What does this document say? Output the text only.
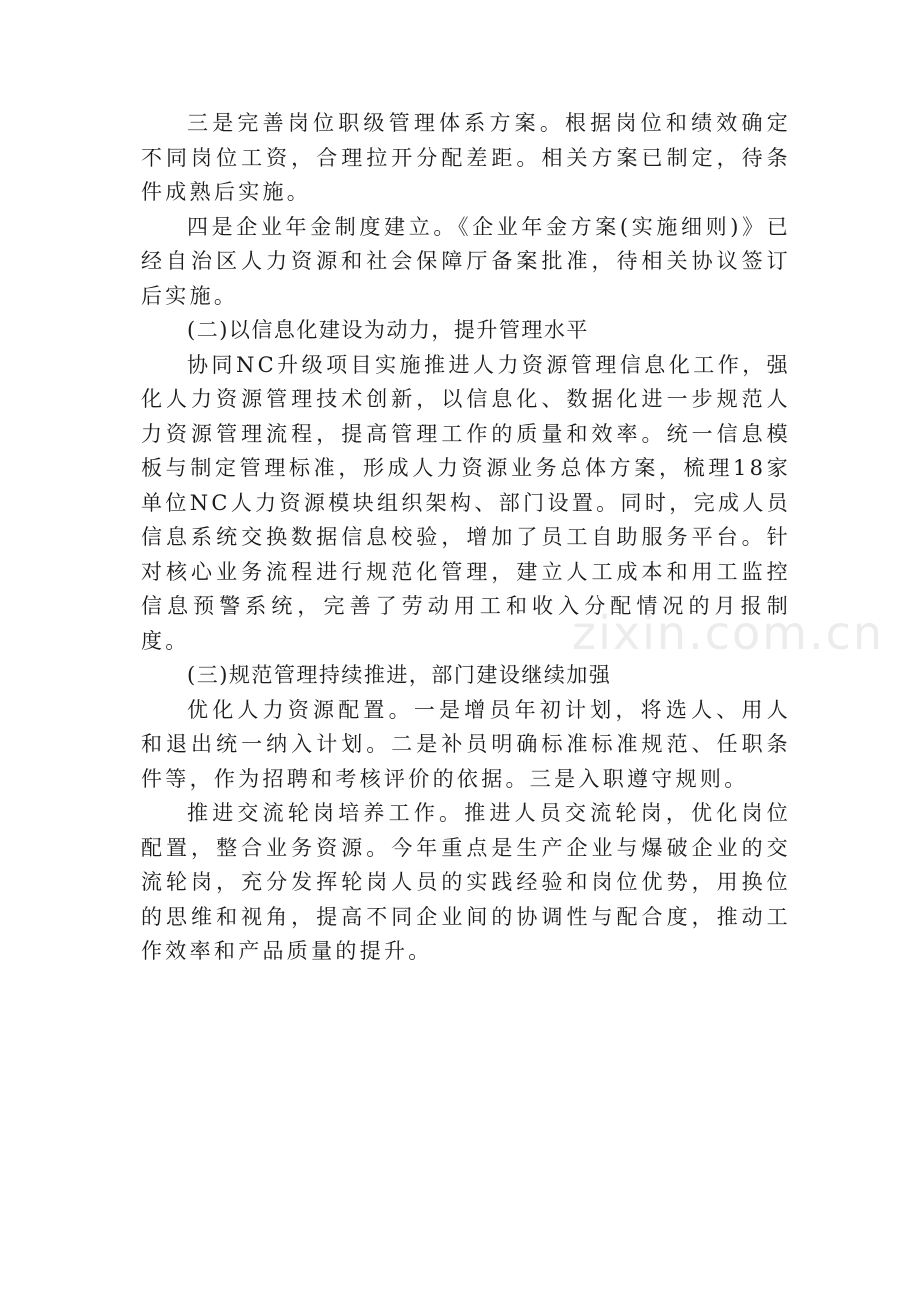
三是完善岗位职级管理体系方案。根据岗位和绩效确定不同岗位工资，合理拉开分配差距。相关方案已制定，待条件成熟后实施。

四是企业年金制度建立。《企业年金方案(实施细则)》已经自治区人力资源和社会保障厅备案批准，待相关协议签订后实施。

(二)以信息化建设为动力，提升管理水平

协同NC升级项目实施推进人力资源管理信息化工作，强化人力资源管理技术创新，以信息化、数据化进一步规范人力资源管理流程，提高管理工作的质量和效率。统一信息模板与制定管理标准，形成人力资源业务总体方案，梳理18家单位NC人力资源模块组织架构、部门设置。同时，完成人员信息系统交换数据信息校验，增加了员工自助服务平台。针对核心业务流程进行规范化管理，建立人工成本和用工监控信息预警系统，完善了劳动用工和收入分配情况的月报制度。

(三)规范管理持续推进，部门建设继续加强

优化人力资源配置。一是增员年初计划，将选人、用人和退出统一纳入计划。二是补员明确标准标准规范、任职条件等，作为招聘和考核评价的依据。三是入职遵守规则。

推进交流轮岗培养工作。推进人员交流轮岗，优化岗位配置，整合业务资源。今年重点是生产企业与爆破企业的交流轮岗，充分发挥轮岗人员的实践经验和岗位优势，用换位的思维和视角，提高不同企业间的协调性与配合度，推动工作效率和产品质量的提升。

zixin.com.cn
